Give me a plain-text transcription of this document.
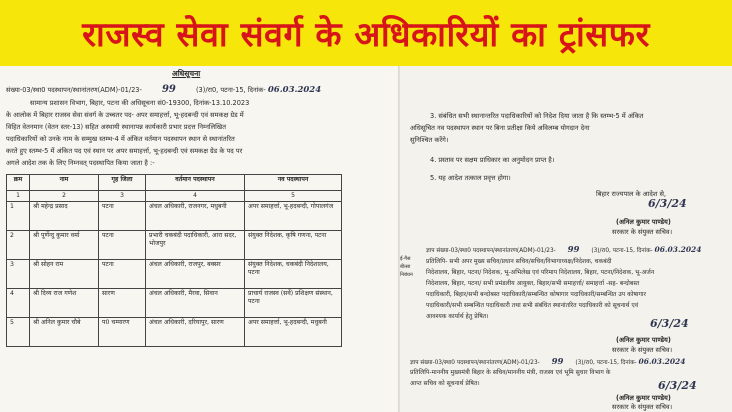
राजस्व सेवा संवर्ग के अधिकारियों का ट्रांसफर
अधिसूचना
संख्या-03/स्था0 पदस्थापन/स्थानांतरण(ADM)-01/23- 99	(3)/रा0, पटना-15, दिनांक- 06.03.2024
सामान्य प्रशासन विभाग, बिहार, पटना की अधिसूचना सं0-19300, दिनांक-13.10.2023
के आलोक में बिहार राजस्व सेवा संवर्ग के उच्चतर पद- अपर समाहर्त्ता, भू-हदबन्दी एवं समकक्ष ग्रेड में
विहित वेतनमान (वेतन स्तर-13) सहित अस्थायी स्थानापन्न कार्यकारी प्रभार प्रदत्त निम्नलिखित
पदाधिकारियों को उनके नाम के सम्मुख स्तम्भ-4 में अंकित वर्तमान पदस्थापन स्थान से स्थानांतरित
करते हुए स्तम्भ-5 में अंकित पद एवं स्थान पर अपर समाहर्त्ता, भू-हदबन्दी एवं समकक्ष ग्रेड के पद पर
अगले आदेश तक के लिए निम्नवत् पदस्थापित किया जाता है :-
क्रम	नाम	गृह जिला	वर्तमान पदस्थापन	नव पदस्थापन
1	2	3	4	5
1	श्री महेन्द्र प्रसाद	पटना	अंचल अधिकारी, राजनगर, मधुबनी	अपर समाहर्त्ता, भू-हदबन्दी, गोपालगंज
2	श्री पूर्णेन्दु कुमार वर्मा	पटना	प्रभारी चकबंदी पदाधिकारी, आरा सदर, भोजपुर	संयुक्त निदेशक, कृषि गणना, पटना
3	श्री सोहन राम	पटना	अंचल अधिकारी, राजपुर, बक्सर	संयुक्त निदेशक, चकबंदी निदेशालय, पटना
4	श्री दिव्य राज गणेश	सारण	अंचल अधिकारी, मैरवा, सिवान	प्राचार्य राजस्व (सर्वे) प्रशिक्षण संस्थान, पटना
5	श्री अनिल कुमार चौबे	प0 चम्पारण	अंचल अधिकारी, दरियापुर, सारण	अपर समाहर्त्ता, भू-हदबन्दी, मधुबनी
3. संबंधित सभी स्थानान्तरित पदाधिकारियों को निदेश दिया जाता है कि स्तम्भ-5 में अंकित
अधिसूचित नव पदस्थापन स्थान पर बिना प्रतीक्षा किये अविलम्ब योगदान देना
सुनिश्चित करेंगे।
4. प्रस्ताव पर सक्षम प्राधिकार का अनुमोदन प्राप्त है।
5. यह आदेश तत्काल प्रवृत्त होगा।
बिहार राज्यपाल के आदेश से,
6/3/24
(अनिल कुमार पाण्डेय)
सरकार के संयुक्त सचिव।
ई-गैस
बीत्सा
निबंधन
ज्ञाप संख्या-03/स्था0 पदस्थापन/स्थानांतरण(ADM)-01/23- 99 (3)/रा0, पटना-15, दिनांक- 06.03.2024
प्रतिलिपि- सभी अपर मुख्य सचिव/प्रधान सचिव/सचिव/विभागाध्यक्ष/निदेशक, चकबंदी
निदेशालय, बिहार, पटना/ निदेशक, भू-अभिलेख एवं परिमाप निदेशालय, बिहार, पटना/निदेशक, भू-अर्जन
निदेशालय, बिहार, पटना/ सभी प्रमंडलीय आयुक्त, बिहार/सभी समाहर्त्ता/ समाहर्त्ता -सह- बन्दोबस्त
पदाधिकारी, बिहार/सभी बन्दोबस्त पदाधिकारी/सम्बन्धित कोषागार पदाधिकारी/सम्बन्धित उप कोषागार
पदाधिकारी/सभी सम्बन्धित पदाधिकारी तथा सभी संबंधित स्थानांतरित पदाधिकारी को सूचनार्थ एवं
आवश्यक कार्यार्थ हेतु प्रेषित।
6/3/24
(अनिल कुमार पाण्डेय)
सरकार के संयुक्त सचिव।
ज्ञाप संख्या-03/स्था0 पदस्थापन/स्थानांतरण(ADM)-01/23- 99 (3)/रा0, पटना-15, दिनांक- 06.03.2024
प्रतिलिपि-माननीय मुख्यमंत्री बिहार के सचिव/माननीय मंत्री, राजस्व एवं भूमि सुधार विभाग के
आप्त सचिव को सूचनार्थ प्रेषित।	6/3/24
(अनिल कुमार पाण्डेय)
सरकार के संयुक्त सचिव।
